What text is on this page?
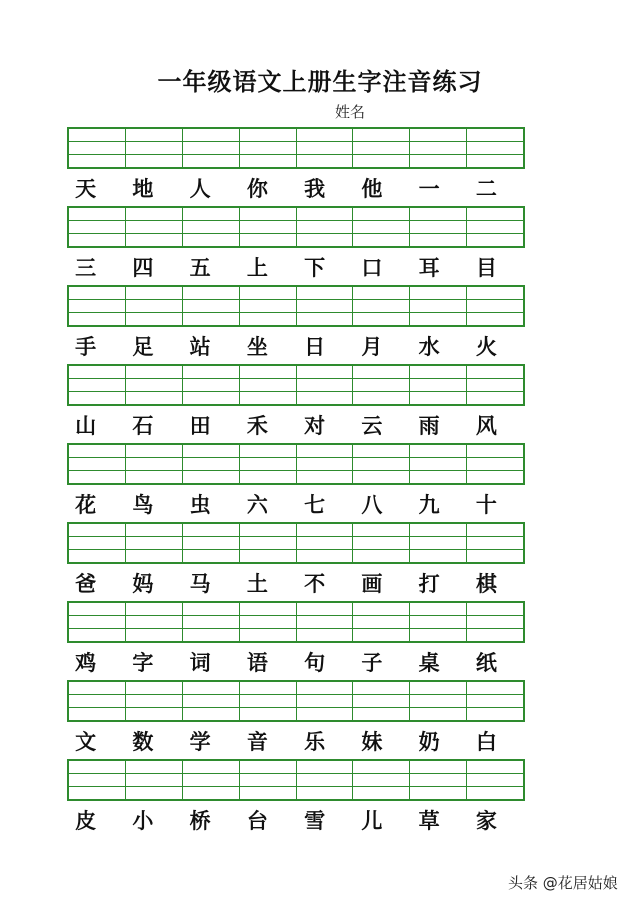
一年级语文上册生字注音练习
姓名
天	地	人	你	我	他	一	二
三	四	五	上	下	口	耳	目
手	足	站	坐	日	月	水	火
山	石	田	禾	对	云	雨	风
花	鸟	虫	六	七	八	九	十
爸	妈	马	土	不	画	打	棋
鸡	字	词	语	句	子	桌	纸
文	数	学	音	乐	妹	奶	白
皮	小	桥	台	雪	儿	草	家
头条 @花居姑娘
